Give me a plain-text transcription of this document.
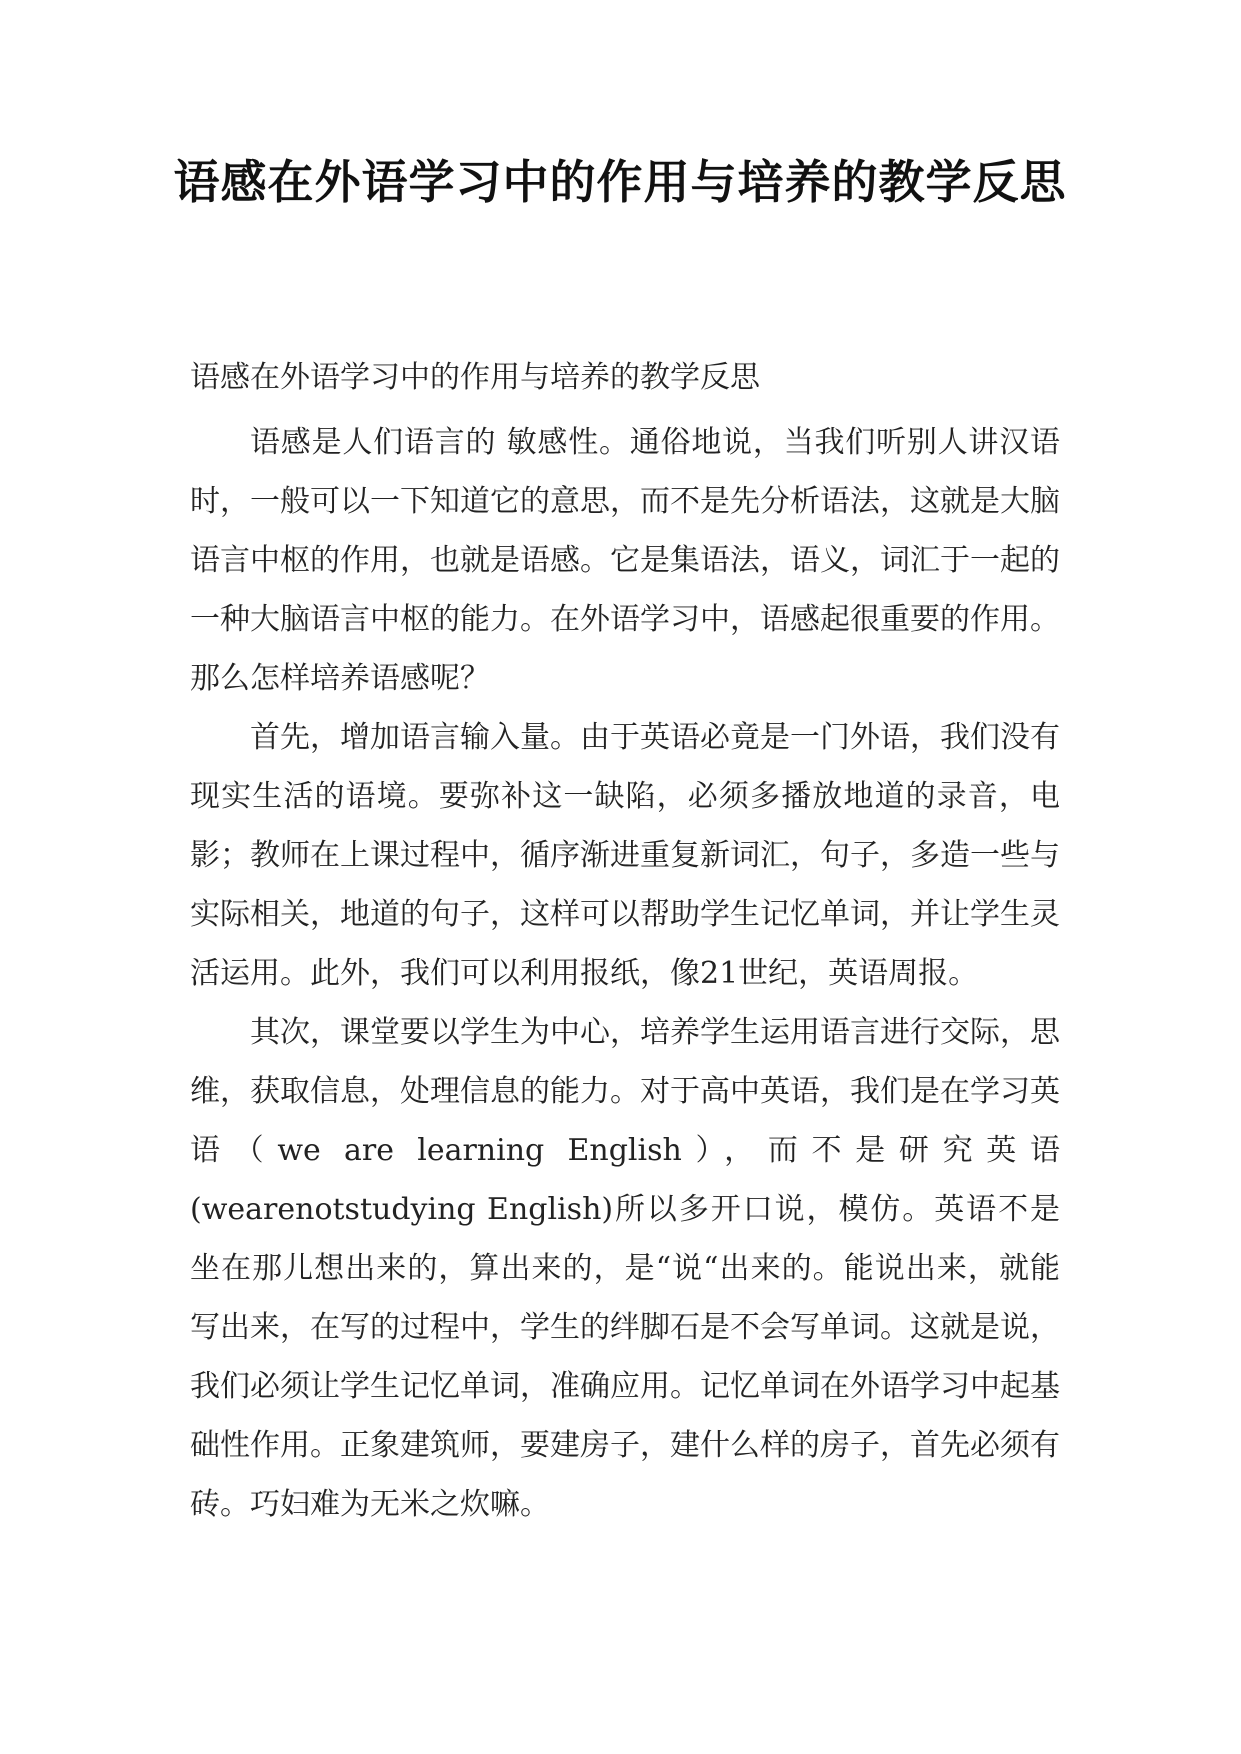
语感在外语学习中的作用与培养的教学反思
语感在外语学习中的作用与培养的教学反思

语感是人们语言的 敏感性。通俗地说，当我们听别人讲汉语时，一般可以一下知道它的意思，而不是先分析语法，这就是大脑语言中枢的作用，也就是语感。它是集语法，语义，词汇于一起的一种大脑语言中枢的能力。在外语学习中，语感起很重要的作用。那么怎样培养语感呢？

首先，增加语言输入量。由于英语必竟是一门外语，我们没有现实生活的语境。要弥补这一缺陷，必须多播放地道的录音，电影；教师在上课过程中，循序渐进重复新词汇，句子，多造一些与实际相关，地道的句子，这样可以帮助学生记忆单词，并让学生灵活运用。此外，我们可以利用报纸，像21世纪，英语周报。

其次，课堂要以学生为中心，培养学生运用语言进行交际，思维，获取信息，处理信息的能力。对于高中英语，我们是在学习英语（we are learning English），而不是研究英语(wearenotstudying English)所以多开口说，模仿。英语不是坐在那儿想出来的，算出来的，是“说“出来的。能说出来，就能写出来，在写的过程中，学生的绊脚石是不会写单词。这就是说，我们必须让学生记忆单词，准确应用。记忆单词在外语学习中起基础性作用。正象建筑师，要建房子，建什么样的房子，首先必须有砖。巧妇难为无米之炊嘛。
